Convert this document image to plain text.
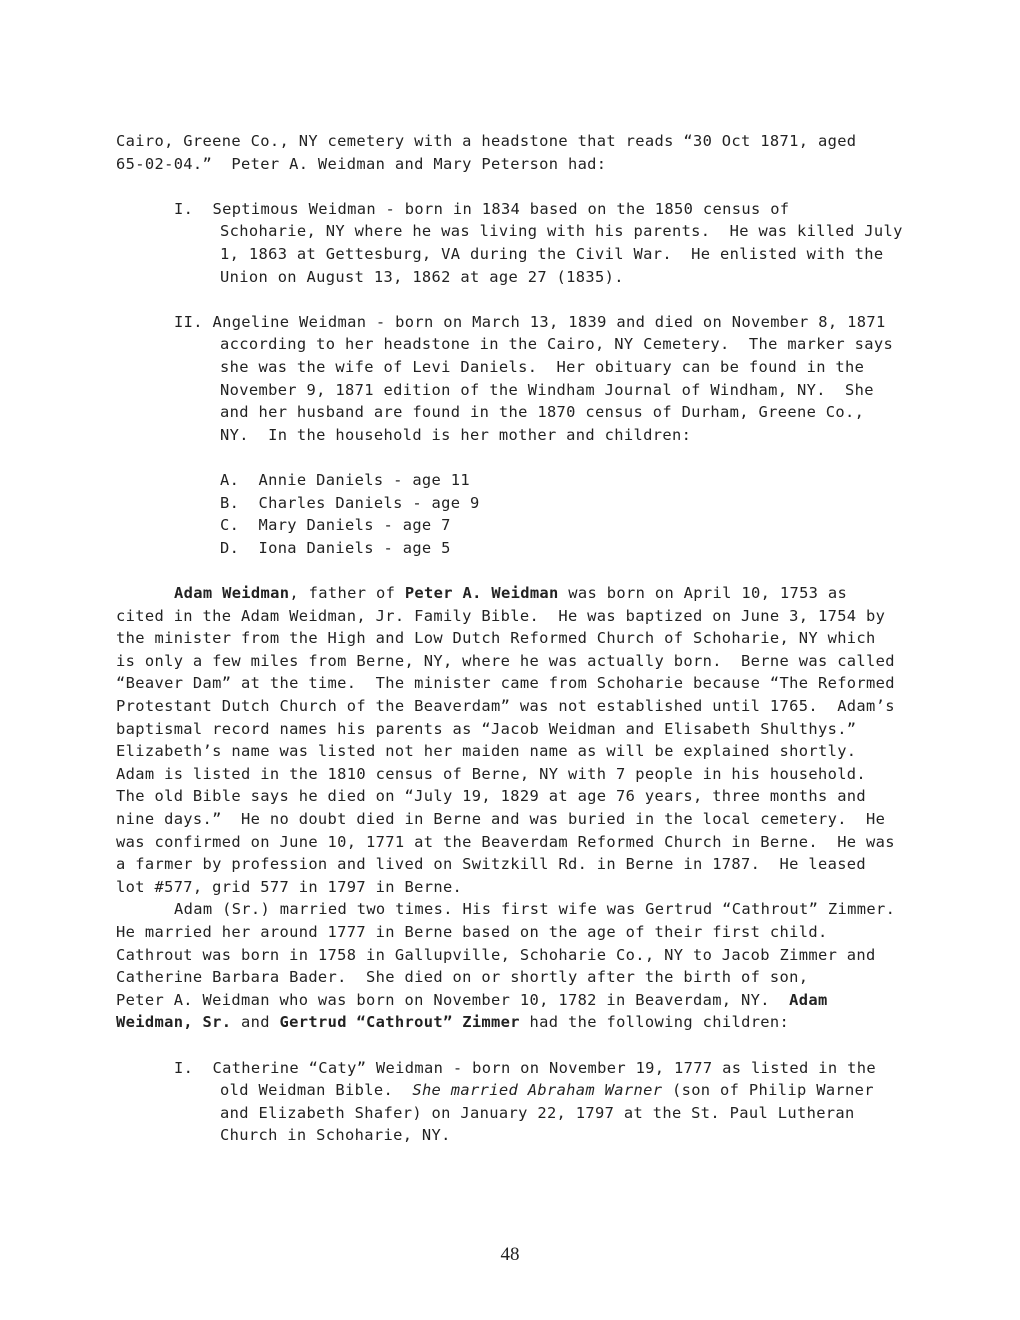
Cairo, Greene Co., NY cemetery with a headstone that reads “30 Oct 1871, aged
65-02-04.”  Peter A. Weidman and Mary Peterson had:
I.  Septimous Weidman - born in 1834 based on the 1850 census of
Schoharie, NY where he was living with his parents.  He was killed July
1, 1863 at Gettesburg, VA during the Civil War.  He enlisted with the
Union on August 13, 1862 at age 27 (1835).
II. Angeline Weidman - born on March 13, 1839 and died on November 8, 1871
according to her headstone in the Cairo, NY Cemetery.  The marker says
she was the wife of Levi Daniels.  Her obituary can be found in the
November 9, 1871 edition of the Windham Journal of Windham, NY.  She
and her husband are found in the 1870 census of Durham, Greene Co.,
NY.  In the household is her mother and children:
A.  Annie Daniels - age 11
B.  Charles Daniels - age 9
C.  Mary Daniels - age 7
D.  Iona Daniels - age 5
Adam Weidman, father of Peter A. Weidman was born on April 10, 1753 as
cited in the Adam Weidman, Jr. Family Bible.  He was baptized on June 3, 1754 by
the minister from the High and Low Dutch Reformed Church of Schoharie, NY which
is only a few miles from Berne, NY, where he was actually born.  Berne was called
“Beaver Dam” at the time.  The minister came from Schoharie because “The Reformed
Protestant Dutch Church of the Beaverdam” was not established until 1765.  Adam’s
baptismal record names his parents as “Jacob Weidman and Elisabeth Shulthys.”
Elizabeth’s name was listed not her maiden name as will be explained shortly.
Adam is listed in the 1810 census of Berne, NY with 7 people in his household.
The old Bible says he died on “July 19, 1829 at age 76 years, three months and
nine days.”  He no doubt died in Berne and was buried in the local cemetery.  He
was confirmed on June 10, 1771 at the Beaverdam Reformed Church in Berne.  He was
a farmer by profession and lived on Switzkill Rd. in Berne in 1787.  He leased
lot #577, grid 577 in 1797 in Berne.
Adam (Sr.) married two times. His first wife was Gertrud “Cathrout” Zimmer.
He married her around 1777 in Berne based on the age of their first child.
Cathrout was born in 1758 in Gallupville, Schoharie Co., NY to Jacob Zimmer and
Catherine Barbara Bader.  She died on or shortly after the birth of son,
Peter A. Weidman who was born on November 10, 1782 in Beaverdam, NY.  Adam
Weidman, Sr. and Gertrud “Cathrout” Zimmer had the following children:
I.  Catherine “Caty” Weidman - born on November 19, 1777 as listed in the
old Weidman Bible.  She married Abraham Warner (son of Philip Warner
and Elizabeth Shafer) on January 22, 1797 at the St. Paul Lutheran
Church in Schoharie, NY.
48
